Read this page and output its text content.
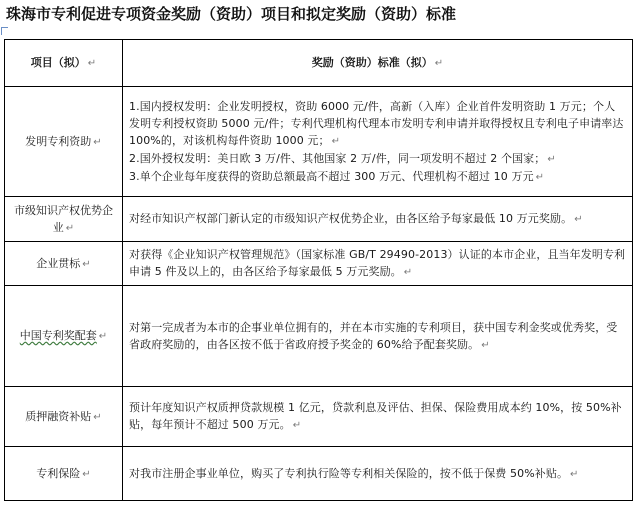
珠海市专利促进专项资金奖励（资助）项目和拟定奖励（资助）标准
项目（拟） ↵	奖励（资助）标准（拟） ↵
发明专利资助 ↵	1.国内授权发明：企业发明授权，资助 6000 元/件，高新（入库）企业首件发明资助 1 万元；个人发明专利授权资助 5000 元/件；专利代理机构代理本市发明专利申请并取得授权且专利电子申请率达 100%的，对该机构每件资助 1000 元； ↵
2.国外授权发明：美日欧 3 万/件、其他国家 2 万/件，同一项发明不超过 2 个国家； ↵
3.单个企业每年度获得的资助总额最高不超过 300 万元、代理机构不超过 10 万元 ↵

市级知识产权优势企业 ↵	对经市知识产权部门新认定的市级知识产权优势企业，由各区给予每家最低 10 万元奖励。 ↵
企业贯标 ↵	对获得《企业知识产权管理规范》（国家标准 GB/T 29490-2013）认证的本市企业，且当年发明专利申请 5 件及以上的，由各区给予每家最低 5 万元奖励。 ↵
中国专利奖配套 ↵	对第一完成者为本市的企事业单位拥有的，并在本市实施的专利项目，获中国专利金奖或优秀奖，受省政府奖励的，由各区按不低于省政府授予奖金的 60%给予配套奖励。 ↵
质押融资补贴 ↵	预计年度知识产权质押贷款规模 1 亿元，贷款利息及评估、担保、保险费用成本约 10%，按 50%补贴，每年预计不超过 500 万元。 ↵
专利保险 ↵	对我市注册企事业单位，购买了专利执行险等专利相关保险的，按不低于保费 50%补贴。 ↵
